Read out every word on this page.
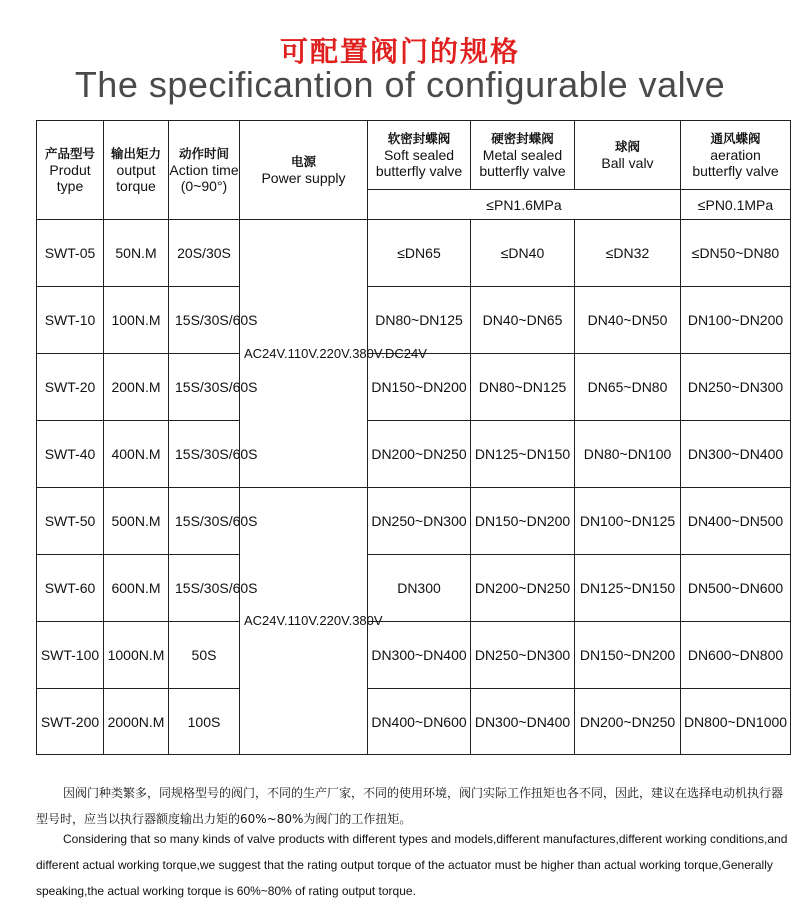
可配置阀门的规格
The specificantion of configurable valve
产品型号
Produt
type	输出矩力
output
torque	动作时间
Action time
(0~90°)	电源
Power supply	软密封蝶阀
Soft sealed
butterfly valve	硬密封蝶阀
Metal sealed
butterfly valve	球阀
Ball valv	通风蝶阀
aeration
butterfly valve

				≤PN1.6MPa			≤PN0.1MPa
SWT-05	50N.M	20S/30S	AC24V.110V.220V.380V.DC24V	≤DN65	≤DN40	≤DN32	≤DN50~DN80
SWT-10	100N.M	15S/30S/60S		DN80~DN125	DN40~DN65	DN40~DN50	DN100~DN200
SWT-20	200N.M	15S/30S/60S		DN150~DN200	DN80~DN125	DN65~DN80	DN250~DN300
SWT-40	400N.M	15S/30S/60S		DN200~DN250	DN125~DN150	DN80~DN100	DN300~DN400
SWT-50	500N.M	15S/30S/60S	AC24V.110V.220V.380V	DN250~DN300	DN150~DN200	DN100~DN125	DN400~DN500
SWT-60	600N.M	15S/30S/60S		DN300	DN200~DN250	DN125~DN150	DN500~DN600
SWT-100	1000N.M	50S		DN300~DN400	DN250~DN300	DN150~DN200	DN600~DN800
SWT-200	2000N.M	100S		DN400~DN600	DN300~DN400	DN200~DN250	DN800~DN1000
因阀门种类繁多，同规格型号的阀门，不同的生产厂家，不同的使用环境，阀门实际工作扭矩也各不同，因此，建议在选择电动机执行器型号时，应当以执行器额度输出力矩的60%~80%为阀门的工作扭矩。
Considering that so many kinds of valve products with different types and models,different manufactures,different working conditions,and different actual working torque,we suggest that the rating output torque of the actuator must be higher than actual working torque,Generally speaking,the actual working torque is 60%~80% of rating output torque.
